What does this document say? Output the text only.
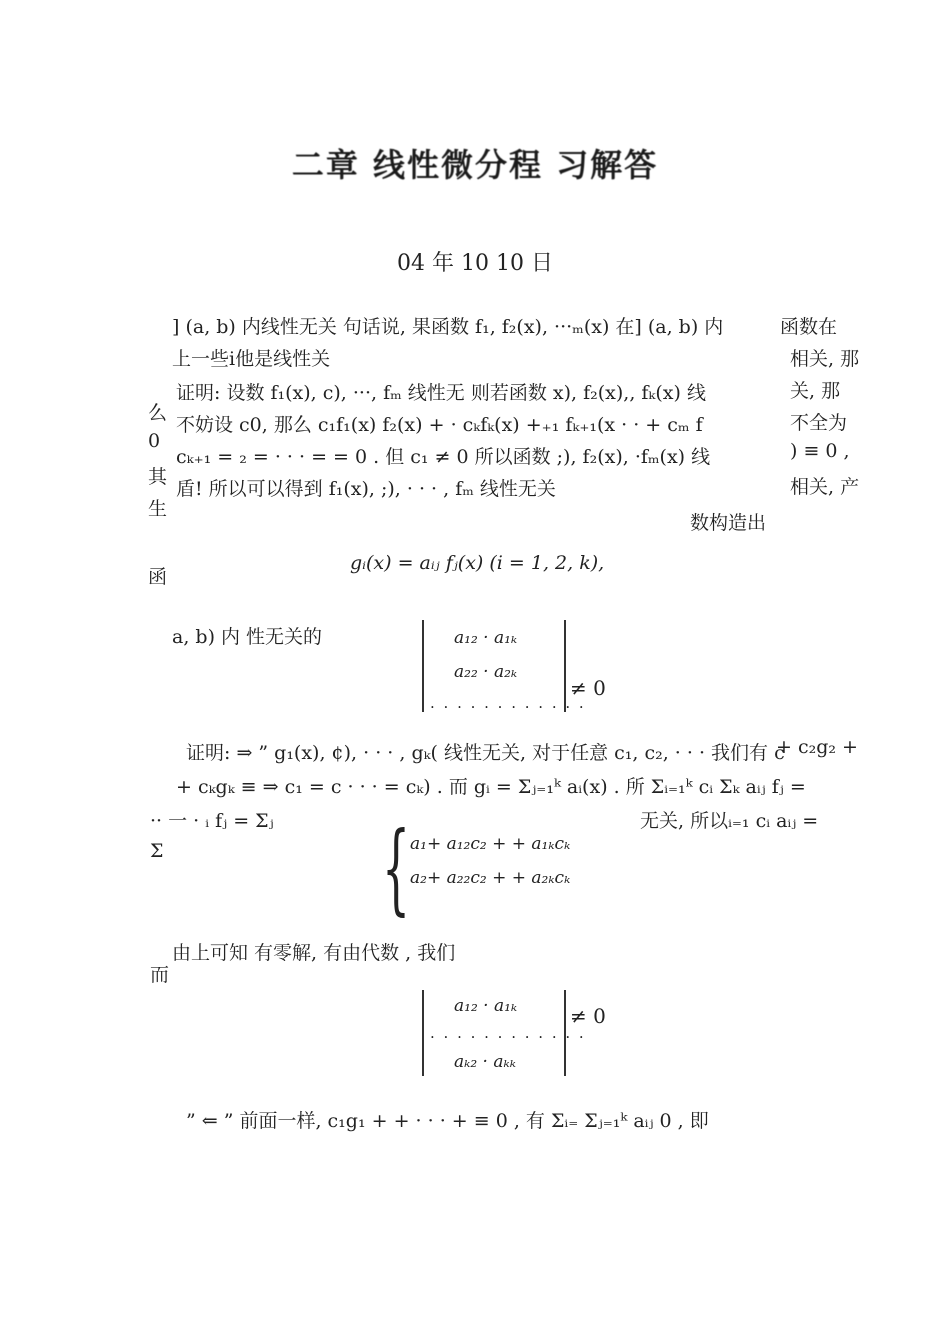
二章 线性微分程 习解答
04 年 10 10 日
] (a, b) 内线性无关 句话说, 果函数 f₁, f₂(x), ···ₘ(x) 在] (a, b) 内	函数在
上一些i他是线性关
么
0
其
生
函
相关, 那
关, 那
不全为
) ≡ 0 ,
相关, 产
数构造出
证明: 设数 f₁(x), c), ···, fₘ 线性无 则若函数 x), f₂(x),, fₖ(x) 线
不妨设 c0, 那么 c₁f₁(x) f₂(x) + · cₖfₖ(x) +₊₁ fₖ₊₁(x · · + cₘ f
cₖ₊₁ = ₂ = · · · = = 0 . 但 c₁ ≠ 0 所以函数 ;), f₂(x), ·fₘ(x) 线
盾! 所以可以得到 f₁(x), ;), · · · , fₘ 线性无关
gᵢ(x) = aᵢⱼ fⱼ(x) (i = 1, 2, k),
a, b) 内 性无关的	a₁₂ · a₁ₖ
a₂₂ · a₂ₖ
. . . . . . . . . . . .
≠ 0
证明: ⇒ ” g₁(x), ¢), · · · , gₖ( 线性无关, 对于任意 c₁, c₂, · · · 我们有 c
+ c₂g₂ +
+ cₖgₖ ≡ ⇒ c₁ = c · · · = cₖ) . 而 gᵢ = Σⱼ₌₁ᵏ aᵢ(x) . 所 Σᵢ₌₁ᵏ cᵢ Σₖ aᵢⱼ fⱼ =
·· 一 · ᵢ fⱼ = Σⱼ	无关, 所以ᵢ₌₁ cᵢ aᵢⱼ =
Σ { a₁+ a₁₂c₂ + + a₁ₖcₖ
a₂+ a₂₂c₂ + + a₂ₖcₖ
由上可知 有零解, 有由代数 , 我们
而
a₁₂ · a₁ₖ
. . . . . . . . . . . .
aₖ₂ · aₖₖ
≠ 0
” ⇐ ” 前面一样, c₁g₁ + + · · · + ≡ 0 , 有 Σᵢ₌ Σⱼ₌₁ᵏ aᵢⱼ 0 , 即
